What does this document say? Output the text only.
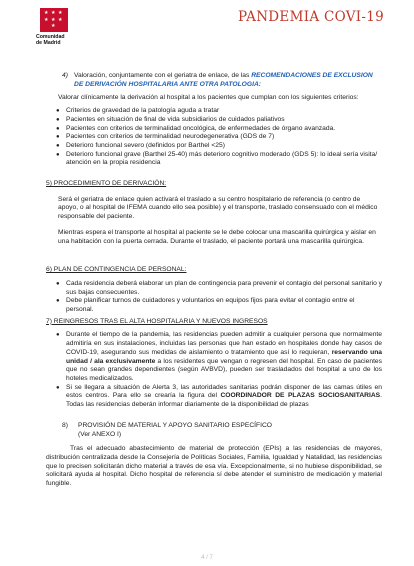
★ ★ ★
★ ★ ★
★
Comunidad
de Madrid
PANDEMIA COVI-19

4) Valoración, conjuntamente con el geriatra de enlace, de las RECOMENDACIONES DE EXCLUSION DE DERIVACIÓN HOSPITALARIA ANTE OTRA PATOLOGIA:

Valorar clínicamente la derivación al hospital a los pacientes que cumplan con los siguientes criterios:

● Criterios de gravedad de la patología aguda a tratar
● Pacientes en situación de final de vida subsidiarios de cuidados paliativos
● Pacientes con criterios de terminalidad oncológica, de enfermedades de órgano avanzada.
● Pacientes con criterios de terminalidad neurodegenerativa (GDS de 7)
● Deterioro funcional severo (definidos por Barthel <25)
● Deterioro funcional grave (Barthel 25-40) más deterioro cognitivo moderado (GDS 5): lo ideal sería visita/ atención en la propia residencia

5) PROCEDIMIENTO DE DERIVACIÓN:

Será el geriatra de enlace quien activará el traslado a su centro hospitalario de referencia (o centro de apoyo, o al hospital de IFEMA cuando ello sea posible) y el transporte, traslado consensuado con el médico responsable del paciente.

Mientras espera el transporte al hospital al paciente se le debe colocar una mascarilla quirúrgica y aislar en una habitación con la puerta cerrada. Durante el traslado, el paciente portará una mascarilla quirúrgica.

6) PLAN DE CONTINGENCIA DE PERSONAL:

● Cada residencia deberá elaborar un plan de contingencia para prevenir el contagio del personal sanitario y sus bajas consecuentes.
● Debe planificar turnos de cuidadores y voluntarios en equipos fijos para evitar el contagio entre el personal.

7) REINGRESOS TRAS EL ALTA HOSPITALARIA Y NUEVOS INGRESOS

● Durante el tiempo de la pandemia, las residencias pueden admitir a cualquier persona que normalmente admitiría en sus instalaciones, incluidas las personas que han estado en hospitales donde hay casos de COVID-19, asegurando sus medidas de aislamiento o tratamiento que así lo requieran, reservando una unidad / ala exclusivamente a los residentes que vengan o regresen del hospital. En caso de pacientes que no sean grandes dependientes (según AVBVD), pueden ser trasladados del hospital a uno de los hoteles medicalizados.
● Si se llegara a situación de Alerta 3, las autoridades sanitarias podrán disponer de las camas útiles en estos centros. Para ello se crearía la figura del COORDINADOR DE PLAZAS SOCIOSANITARIAS. Todas las residencias deberán informar diariamente de la disponibilidad de plazas

8) PROVISIÓN DE MATERIAL Y APOYO SANITARIO ESPECÍFICO

(Ver ANEXO I)

Tras el adecuado abastecimiento de material de protección (EPIs) a las residencias de mayores, distribución centralizada desde la Consejería de Políticas Sociales, Familia, Igualdad y Natalidad, las residencias que lo precisen solicitarán dicho material a través de esa vía. Excepcionalmente, si no hubiese disponibilidad, se solicitará ayuda al hospital. Dicho hospital de referencia sí debe atender el suministro de medicación y material fungible.

4 / 7
